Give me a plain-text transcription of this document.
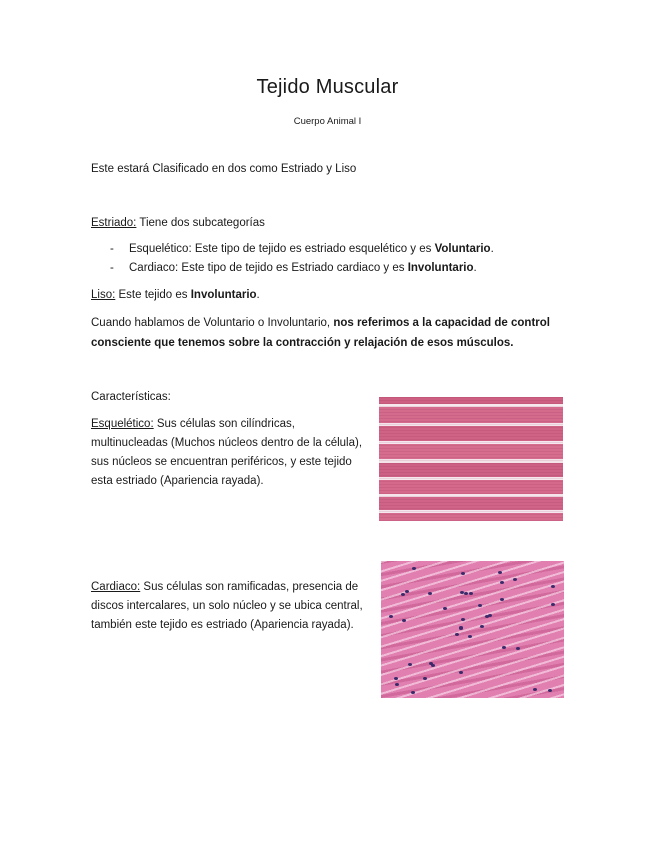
Tejido Muscular
Cuerpo Animal I
Este estará Clasificado en dos como Estriado y Liso
Estriado: Tiene dos subcategorías
- Esquelético: Este tipo de tejido es estriado esquelético y es Voluntario.
- Cardiaco: Este tipo de tejido es Estriado cardiaco y es Involuntario.
Liso: Este tejido es Involuntario.
Cuando hablamos de Voluntario o Involuntario, nos referimos a la capacidad de control consciente que tenemos sobre la contracción y relajación de esos músculos.
Características:
Esquelético: Sus células son cilíndricas, multinucleadas (Muchos núcleos dentro de la célula), sus núcleos se encuentran periféricos, y este tejido esta estriado (Apariencia rayada).
Cardiaco: Sus células son ramificadas, presencia de discos intercalares, un solo núcleo y se ubica central, también este tejido es estriado (Apariencia rayada).
